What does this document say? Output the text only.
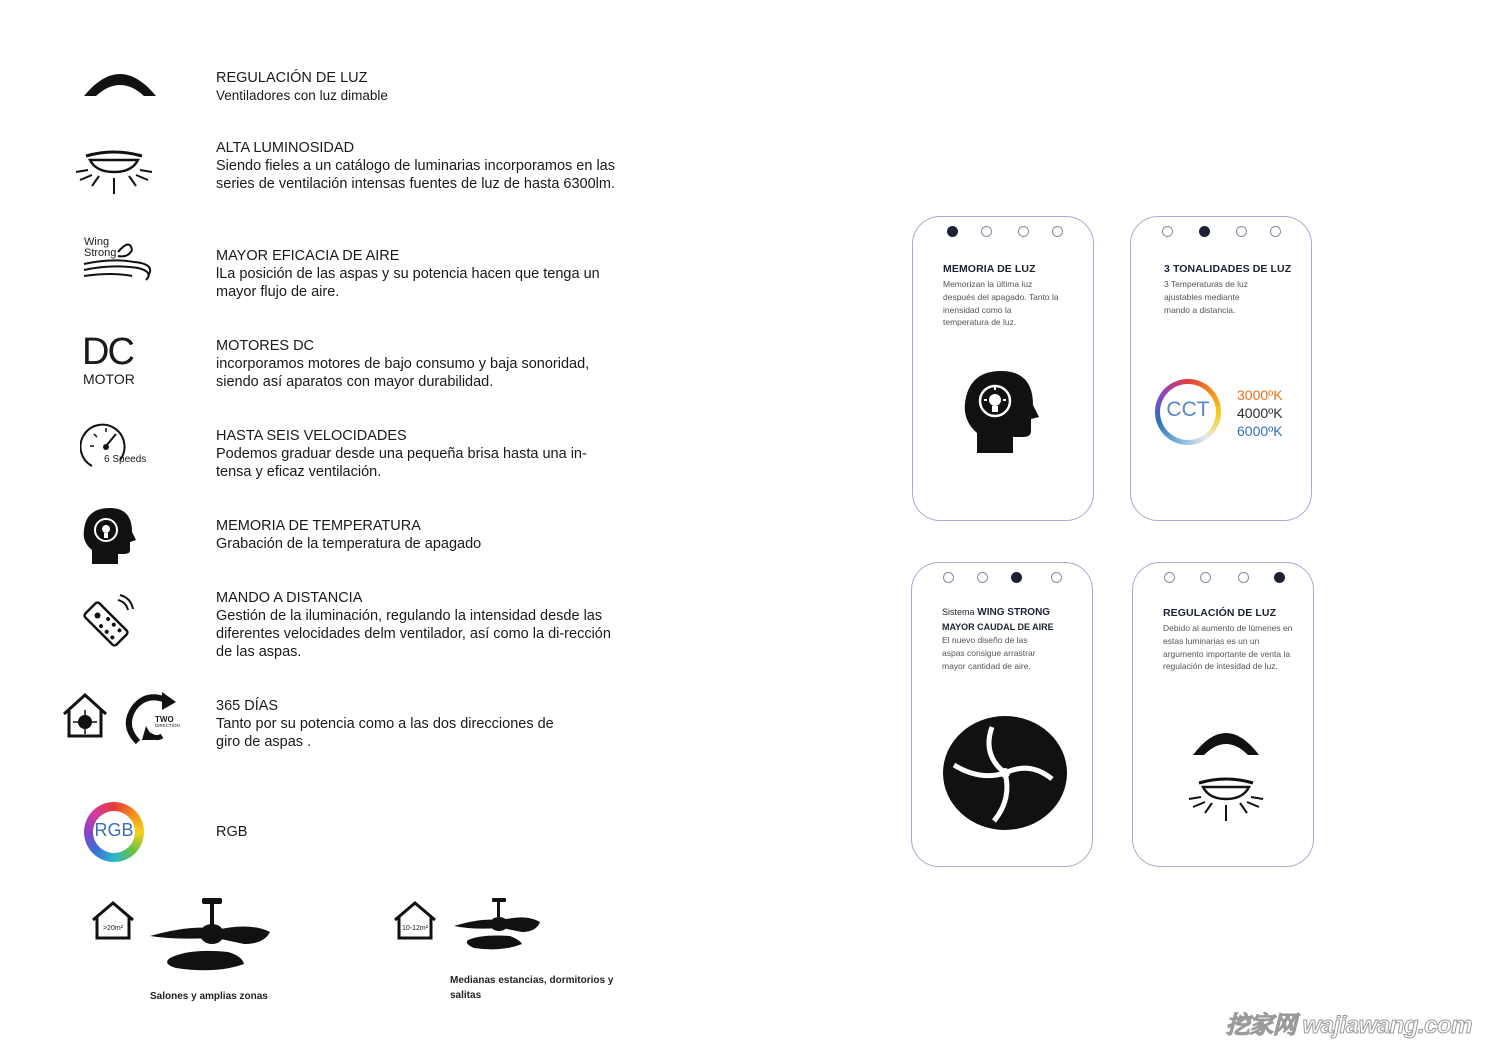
Wing
Strong
DC
MOTOR
6 Speeds
TWO
DIRECTION
RGB
REGULACIÓN DE LUZ
Ventiladores con luz dimable
ALTA LUMINOSIDAD
Siendo fieles a un catálogo de luminarias incorporamos en las series de ventilación intensas fuentes de luz de hasta 6300lm.
MAYOR EFICACIA DE AIRE
lLa posición de las aspas y su potencia hacen que tenga un mayor flujo de aire.
MOTORES DC
incorporamos motores de bajo consumo y baja sonoridad, siendo así aparatos con mayor durabilidad.
HASTA SEIS VELOCIDADES
Podemos graduar desde una pequeña brisa hasta una in-tensa y eficaz ventilación.
MEMORIA DE TEMPERATURA
Grabación de la temperatura de apagado
MANDO A DISTANCIA
Gestión de la iluminación, regulando la intensidad desde las diferentes velocidades delm ventilador, así como la di-rección de las aspas.
365 DÍAS
Tanto por su potencia como a las dos direcciones de giro de aspas .
RGB
>20m²
Salones y amplias zonas
10-12m²
Medianas estancias, dormitorios y salitas
MEMORIA DE LUZ
Memorizan la última luz después del apagado. Tanto la inensidad como la temperatura de luz.
3 TONALIDADES DE LUZ
3 Temperaturas de luz ajustables mediante mando a distancia.
CCT
3000ºK
4000ºK
6000ºK
Sistema WING STRONG
MAYOR CAUDAL DE AIRE
El nuevo diseño de las aspas consigue arrastrar mayor cantidad de aire.
REGULACIÓN DE LUZ
Debido al aumento de lúmenes en estas luminarias es un un argumento importante de venta la regulación de intesidad de luz.
挖家网 wajiawang.com
